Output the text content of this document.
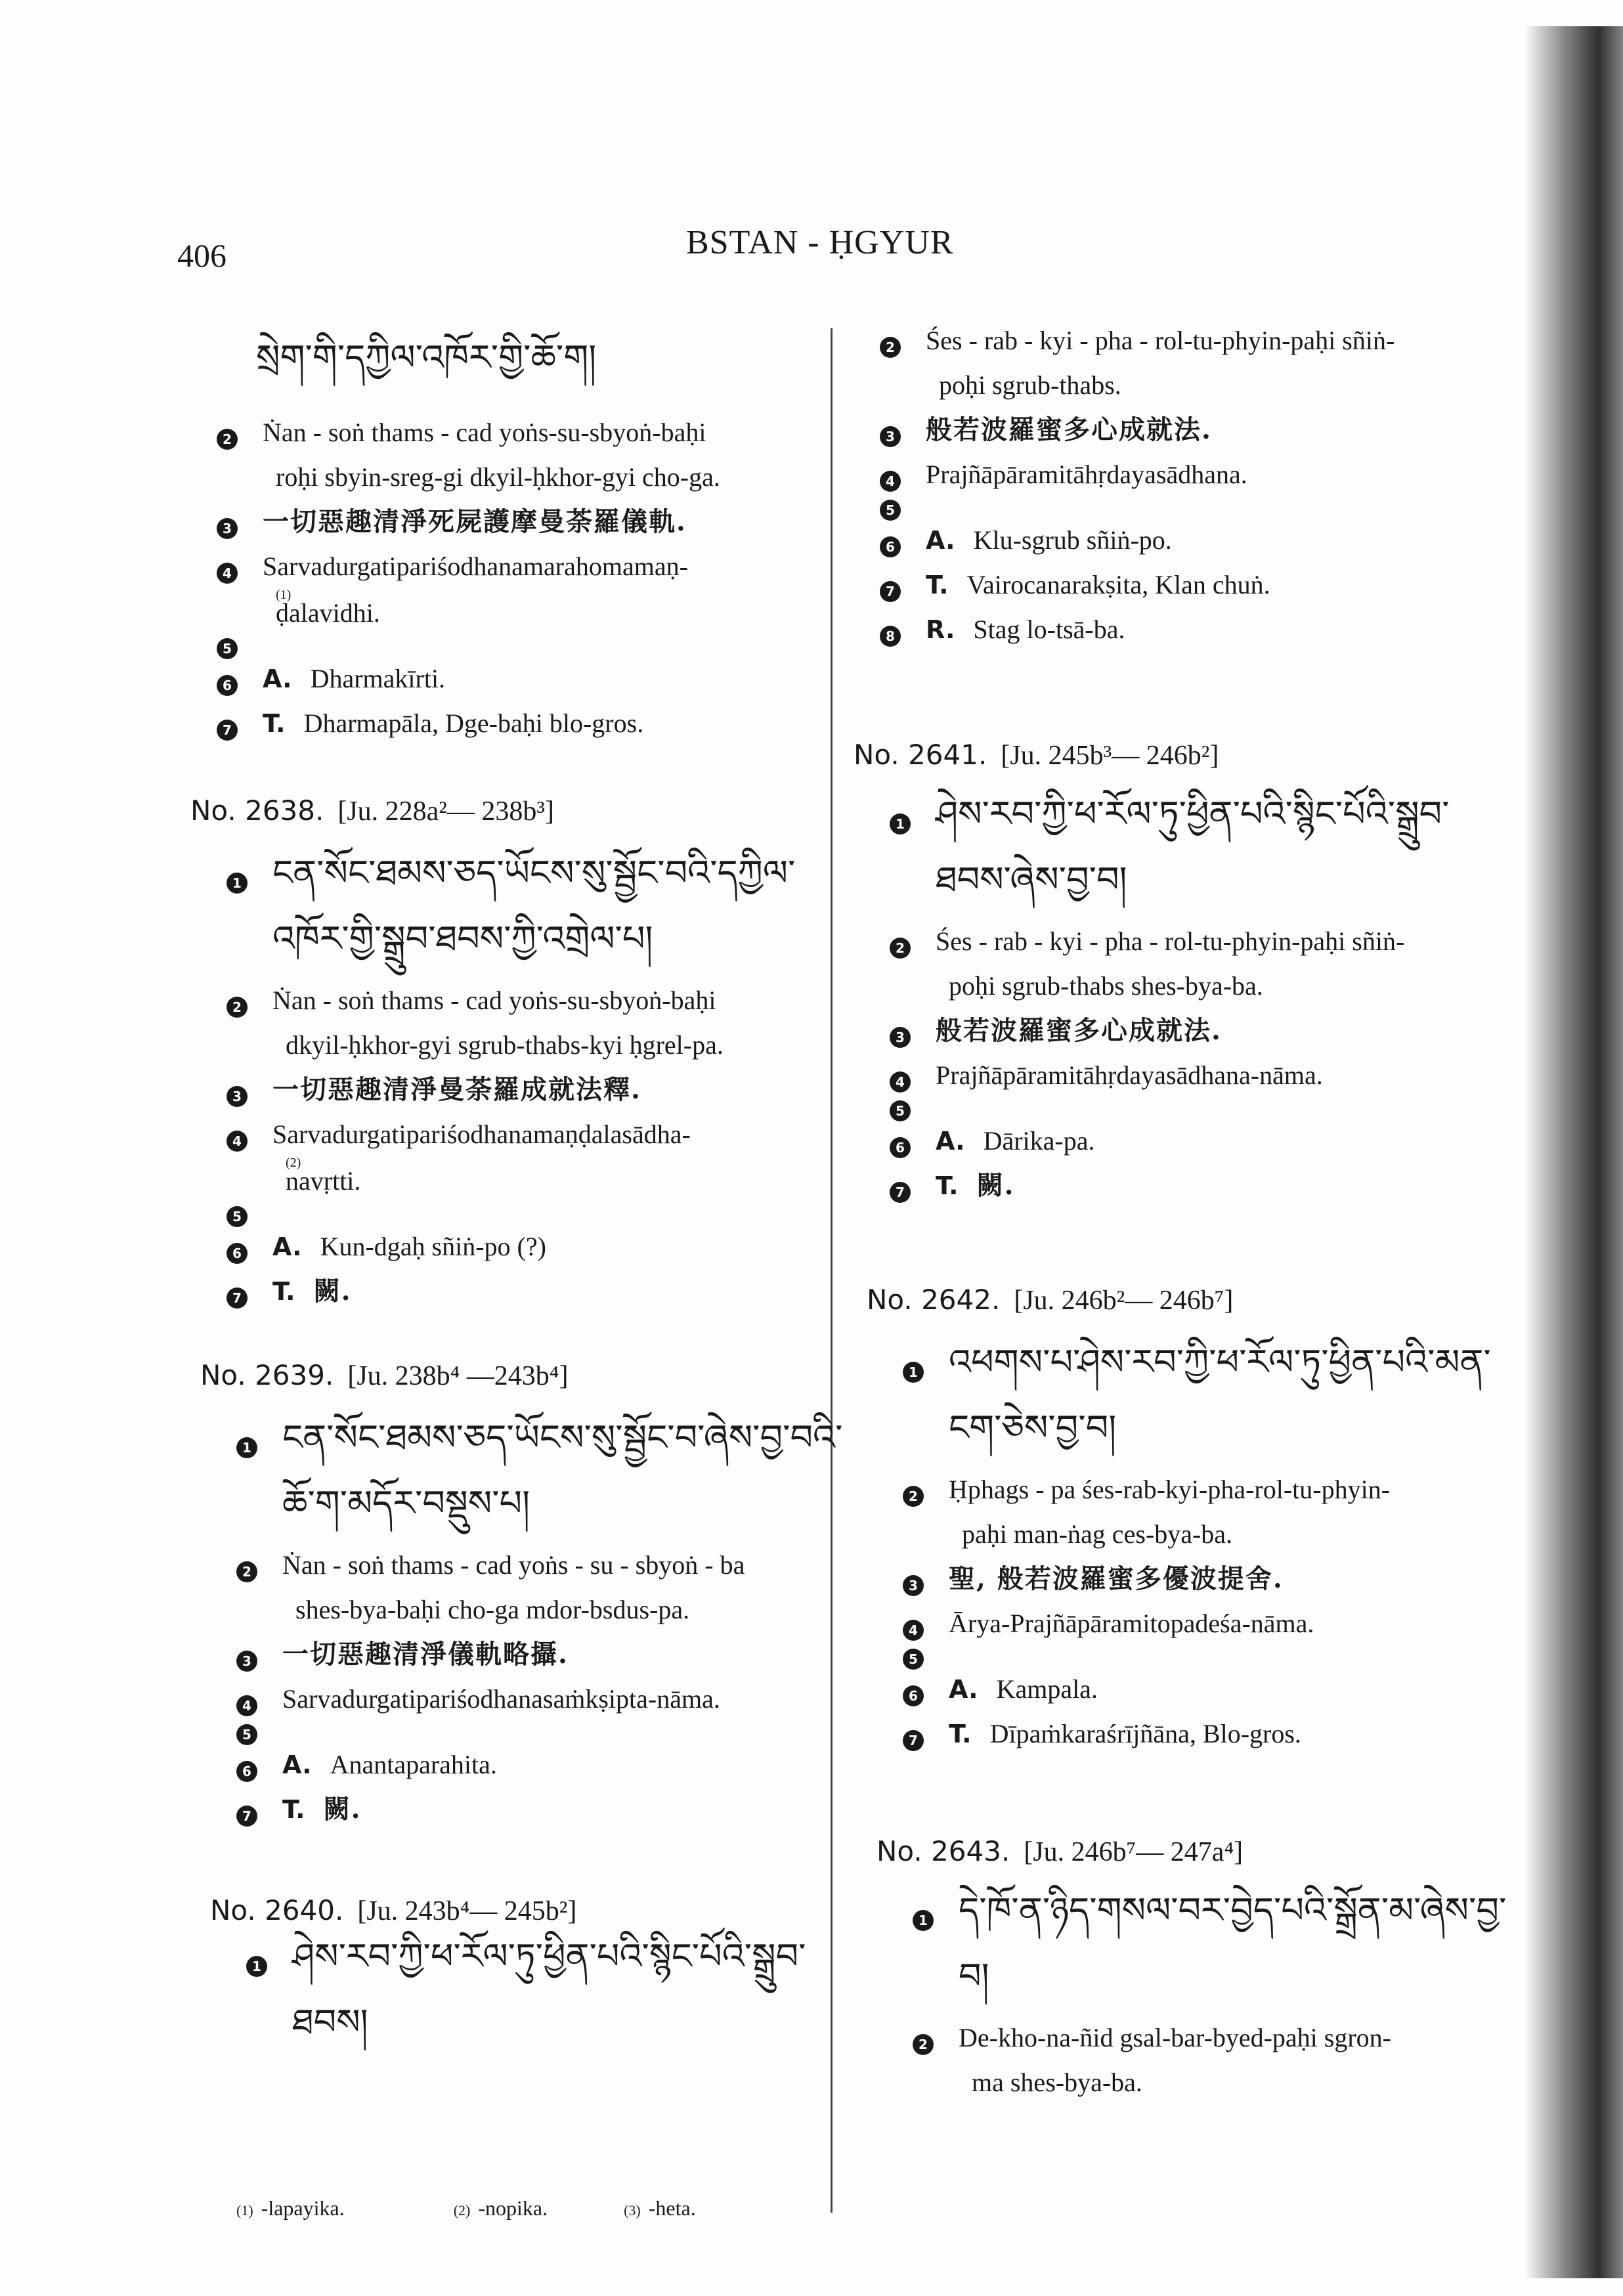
406	BSTAN - ḤGYUR
སྲེག་གི་དཀྱིལ་འཁོར་གྱི་ཆོ་ག།
2 Ṅan - soṅ thams - cad yoṅs-su-sbyoṅ-baḥi
roḥi sbyin-sreg-gi dkyil-ḥkhor-gyi cho-ga.
3 一切惡趣清淨死屍護摩曼荼羅儀軌.
4 Sarvadurgatipariśodhanamarahomamaṇ-
(1)
ḍalavidhi.
5
6 A. Dharmakīrti.
7 T. Dharmapāla, Dge-baḥi blo-gros.
No. 2638. [Ju. 228a²— 238b³]
1 ངན་སོང་ཐམས་ཅད་ཡོངས་སུ་སྦྱོང་བའི་དཀྱིལ་
འཁོར་གྱི་སྒྲུབ་ཐབས་ཀྱི་འགྲེལ་པ།
2 Ṅan - soṅ thams - cad yoṅs-su-sbyoṅ-baḥi
dkyil-ḥkhor-gyi sgrub-thabs-kyi ḥgrel-pa.
3 一切惡趣清淨曼荼羅成就法釋.
4 Sarvadurgatipariśodhanamaṇḍalasādha-
(2)
navṛtti.
5
6 A. Kun-dgaḥ sñiṅ-po (?)
7 T. 闕.
No. 2639. [Ju. 238b⁴ —243b⁴]
1 ངན་སོང་ཐམས་ཅད་ཡོངས་སུ་སྦྱོང་བ་ཞེས་བྱ་བའི་
ཆོ་ག་མདོར་བསྡུས་པ།
2 Ṅan - soṅ thams - cad yoṅs - su - sbyoṅ - ba
shes-bya-baḥi cho-ga mdor-bsdus-pa.
3 一切惡趣清淨儀軌略攝.
4 Sarvadurgatipariśodhanasaṁkṣipta-nāma.
5
6 A. Anantaparahita.
7 T. 闕.
No. 2640. [Ju. 243b⁴— 245b²]
1 ཤེས་རབ་ཀྱི་ཕ་རོལ་ཏུ་ཕྱིན་པའི་སྙིང་པོའི་སྒྲུབ་
ཐབས།
(1) -lapayika.	(2) -nopika.	(3) -heta.
2 Śes - rab - kyi - pha - rol-tu-phyin-paḥi sñiṅ-
poḥi sgrub-thabs.
3 般若波羅蜜多心成就法.
4 Prajñāpāramitāhṛdayasādhana.
5
6 A. Klu-sgrub sñiṅ-po.
7 T. Vairocanarakṣita, Klan chuṅ.
8 R. Stag lo-tsā-ba.
No. 2641. [Ju. 245b³— 246b²]
1 ཤེས་རབ་ཀྱི་ཕ་རོལ་ཏུ་ཕྱིན་པའི་སྙིང་པོའི་སྒྲུབ་
ཐབས་ཞེས་བྱ་བ།
2 Śes - rab - kyi - pha - rol-tu-phyin-paḥi sñiṅ-
poḥi sgrub-thabs shes-bya-ba.
3 般若波羅蜜多心成就法.
4 Prajñāpāramitāhṛdayasādhana-nāma.
5
6 A. Dārika-pa.
7 T. 闕.
No. 2642. [Ju. 246b²— 246b⁷]
1 འཕགས་པ་ཤེས་རབ་ཀྱི་ཕ་རོལ་ཏུ་ཕྱིན་པའི་མན་
ངག་ཅེས་བྱ་བ།
2 Ḥphags - pa śes-rab-kyi-pha-rol-tu-phyin-
paḥi man-ṅag ces-bya-ba.
3 聖, 般若波羅蜜多優波提舍.
4 Ārya-Prajñāpāramitopadeśa-nāma.
5
6 A. Kampala.
7 T. Dīpaṁkaraśrījñāna, Blo-gros.
No. 2643. [Ju. 246b⁷— 247a⁴]
1 དེ་ཁོ་ན་ཉིད་གསལ་བར་བྱེད་པའི་སྒྲོན་མ་ཞེས་བྱ་
བ།
2 De-kho-na-ñid gsal-bar-byed-paḥi sgron-
ma shes-bya-ba.
